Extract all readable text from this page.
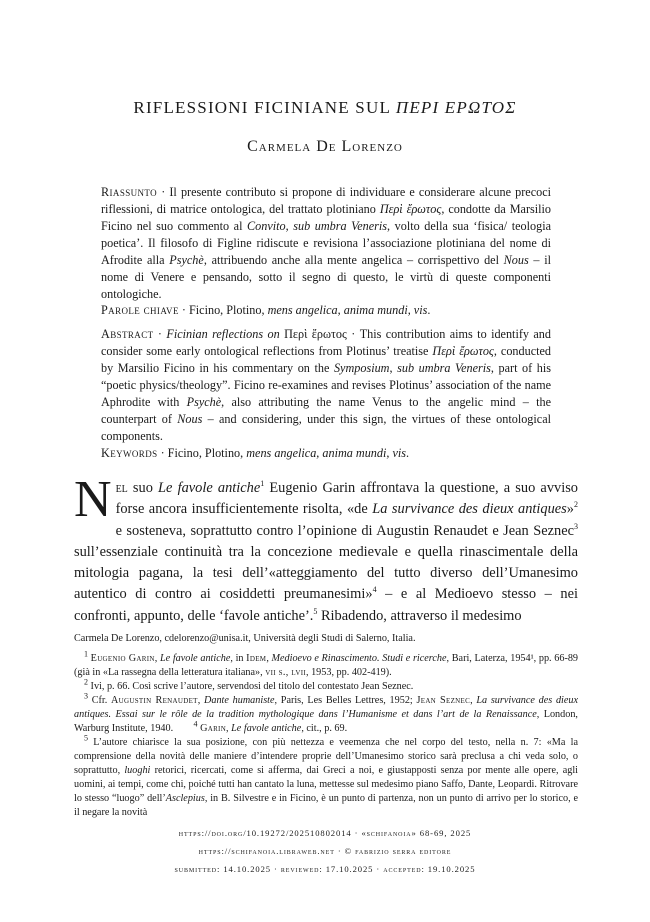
RIFLESSIONI FICINIANE SUL ΠΕΡΙ ΕΡΩΤΟΣ
Carmela De Lorenzo

Riassunto · Il presente contributo si propone di individuare e considerare alcune precoci riflessioni, di matrice ontologica, del trattato plotiniano Περὶ ἔρωτος, condotte da Marsilio Ficino nel suo commento al Convito, sub umbra Veneris, volto della sua ‘fisica/ teologia poetica’. Il filosofo di Figline ridiscute e revisiona l’associazione plotiniana del nome di Afrodite alla Psychè, attribuendo anche alla mente angelica – corrispettivo del Nous – il nome di Venere e pensando, sotto il segno di questo, le virtù di queste componenti ontologiche.

Parole chiave · Ficino, Plotino, mens angelica, anima mundi, vis.

Abstract · Ficinian reflections on Περὶ ἔρωτος · This contribution aims to identify and consider some early ontological reflections from Plotinus’ treatise Περὶ ἔρωτος, conducted by Marsilio Ficino in his commentary on the Symposium, sub umbra Veneris, part of his “poetic physics/theology”. Ficino re-examines and revises Plotinus’ association of the name Aphrodite with Psychè, also attributing the name Venus to the angelic mind – the counterpart of Nous – and considering, under this sign, the virtues of these ontological components.

Keywords · Ficino, Plotino, mens angelica, anima mundi, vis.

Nel suo Le favole antiche$^1$ Eugenio Garin affrontava la questione, a suo avviso forse ancora insufficientemente risolta, «de La survivance des dieux antiques»$^2$ e sosteneva, soprattutto contro l’opinione di Augustin Renaudet e Jean Seznec$^3$ sull’essenziale continuità tra la concezione medievale e quella rinascimentale della mitologia pagana, la tesi dell’«atteggiamento del tutto diverso dell’Umanesimo autentico di contro ai cosiddetti preumanesimi»$^4$ – e al Medioevo stesso – nei confronti, appunto, delle ‘favole antiche’.$^5$ Ribadendo, attraverso il medesimo

Carmela De Lorenzo, cdelorenzo@unisa.it, Università degli Studi di Salerno, Italia.

$^1$ Eugenio Garin, Le favole antiche, in Idem, Medioevo e Rinascimento. Studi e ricerche, Bari, Laterza, 1954¹, pp. 66-89 (già in «La rassegna della letteratura italiana», vii s., lvii, 1953, pp. 402-419).

$^2$ Ivi, p. 66. Così scrive l’autore, servendosi del titolo del contestato Jean Seznec.

$^3$ Cfr. Augustin Renaudet, Dante humaniste, Paris, Les Belles Lettres, 1952; Jean Seznec, La survivance des dieux antiques. Essai sur le rôle de la tradition mythologique dans l’Humanisme et dans l’art de la Renaissance, London, Warburg Institute, 1940.  	$^4$ Garin, Le favole antiche, cit., p. 69.

$^5$ L’autore chiarisce la sua posizione, con più nettezza e veemenza che nel corpo del testo, nella n. 7: «Ma la comprensione della novità delle maniere d’intendere proprie dell’Umanesimo storico sarà preclusa a chi veda solo, o soprattutto, luoghi retorici, ricercati, come si afferma, dai Greci a noi, e giustapposti senza por mente alle opere, agli uomini, ai tempi, come chi, poiché tutti han cantato la luna, mettesse sul medesimo piano Saffo, Dante, Leopardi. Ritrovare lo stesso “luogo” dell’Asclepius, in B. Silvestre e in Ficino, è un punto di partenza, non un punto di arrivo per lo storico, e il negare la novità

https://doi.org/10.19272/202510802014 · «schifanoia» 68-69, 2025
https://schifanoia.libraweb.net · © fabrizio serra editore
submitted: 14.10.2025 · reviewed: 17.10.2025 · accepted: 19.10.2025
